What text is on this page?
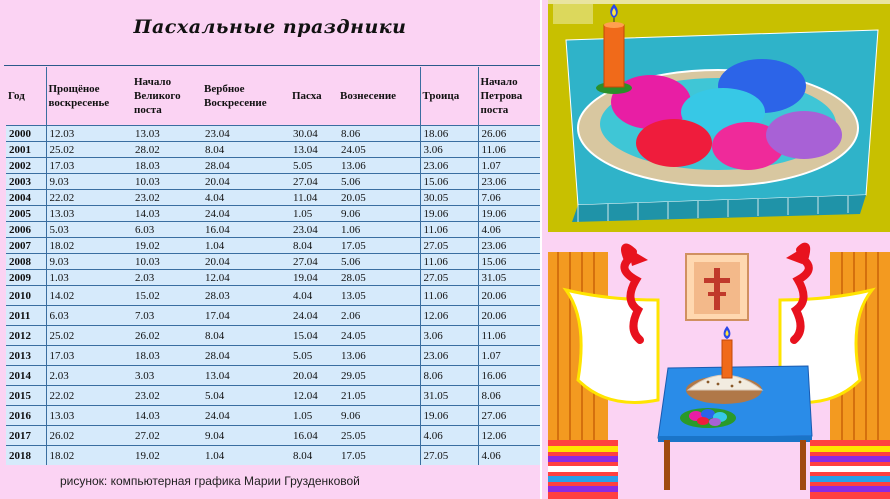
Пасхальные праздники
Год	Прощёное воскресенье	Начало Великого поста	Вербное Воскресение	Пасха	Вознесение	Троица	Начало Петрова поста
2000	12.03	13.03	23.04	30.04	8.06	18.06	26.06
2001	25.02	28.02	8.04	13.04	24.05	3.06	11.06
2002	17.03	18.03	28.04	5.05	13.06	23.06	1.07
2003	9.03	10.03	20.04	27.04	5.06	15.06	23.06
2004	22.02	23.02	4.04	11.04	20.05	30.05	7.06
2005	13.03	14.03	24.04	1.05	9.06	19.06	19.06
2006	5.03	6.03	16.04	23.04	1.06	11.06	4.06
2007	18.02	19.02	1.04	8.04	17.05	27.05	23.06
2008	9.03	10.03	20.04	27.04	5.06	11.06	15.06
2009	1.03	2.03	12.04	19.04	28.05	27.05	31.05
2010	14.02	15.02	28.03	4.04	13.05	11.06	20.06
2011	6.03	7.03	17.04	24.04	2.06	12.06	20.06
2012	25.02	26.02	8.04	15.04	24.05	3.06	11.06
2013	17.03	18.03	28.04	5.05	13.06	23.06	1.07
2014	2.03	3.03	13.04	20.04	29.05	8.06	16.06
2015	22.02	23.02	5.04	12.04	21.05	31.05	8.06
2016	13.03	14.03	24.04	1.05	9.06	19.06	27.06
2017	26.02	27.02	9.04	16.04	25.05	4.06	12.06
2018	18.02	19.02	1.04	8.04	17.05	27.05	4.06
рисунок: компьютерная графика Марии Грузденковой
